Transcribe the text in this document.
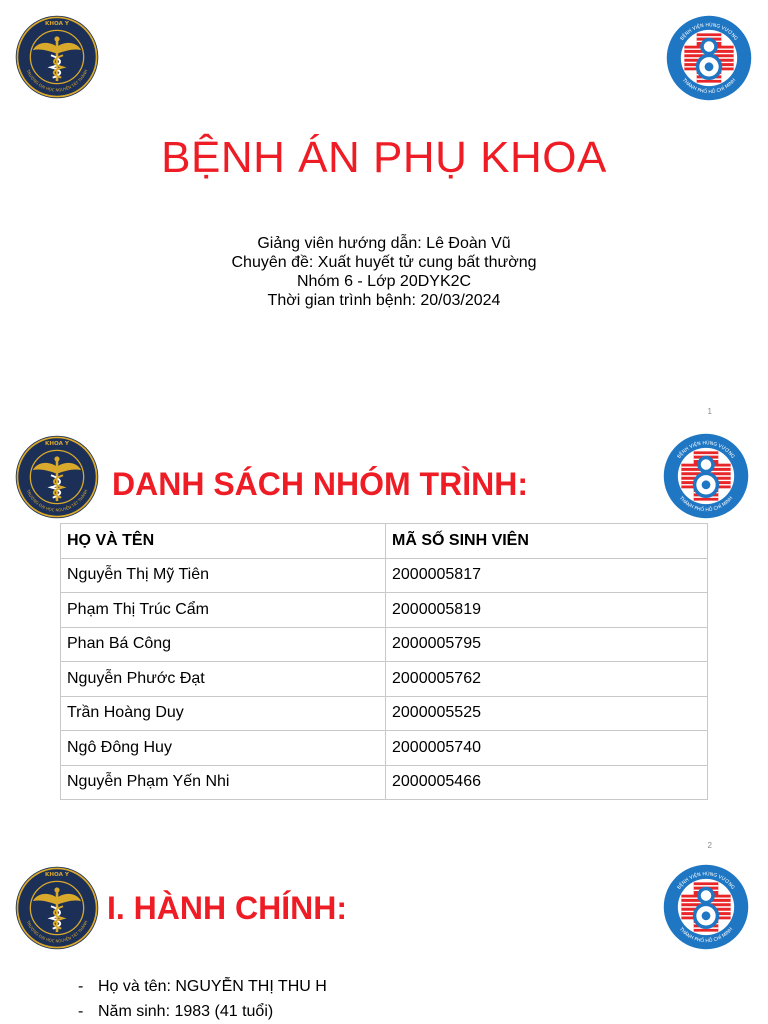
KHOA Y
TRƯỜNG ĐẠI HỌC NGUYỄN TẤT THÀNH
BỆNH VIỆN HÙNG VƯƠNG
THÀNH PHỐ HỒ CHÍ MINH
BỆNH ÁN PHỤ KHOA
Giảng viên hướng dẫn: Lê Đoàn Vũ
Chuyên đề: Xuất huyết tử cung bất thường
Nhóm 6 - Lớp 20DYK2C
Thời gian trình bệnh: 20/03/2024
1
KHOA Y
TRƯỜNG ĐẠI HỌC NGUYỄN TẤT THÀNH
BỆNH VIỆN HÙNG VƯƠNG
THÀNH PHỐ HỒ CHÍ MINH
DANH SÁCH NHÓM TRÌNH:
HỌ VÀ TÊN	MÃ SỐ SINH VIÊN
Nguyễn Thị Mỹ Tiên	2000005817
Phạm Thị Trúc Cẩm	2000005819
Phan Bá Công	2000005795
Nguyễn Phước Đạt	2000005762
Trần Hoàng Duy	2000005525
Ngô Đông Huy	2000005740
Nguyễn Phạm Yến Nhi	2000005466
2
KHOA Y
TRƯỜNG ĐẠI HỌC NGUYỄN TẤT THÀNH
BỆNH VIỆN HÙNG VƯƠNG
THÀNH PHỐ HỒ CHÍ MINH
I. HÀNH CHÍNH:
- Họ và tên: NGUYỄN THỊ THU H
- Năm sinh: 1983 (41 tuổi)
